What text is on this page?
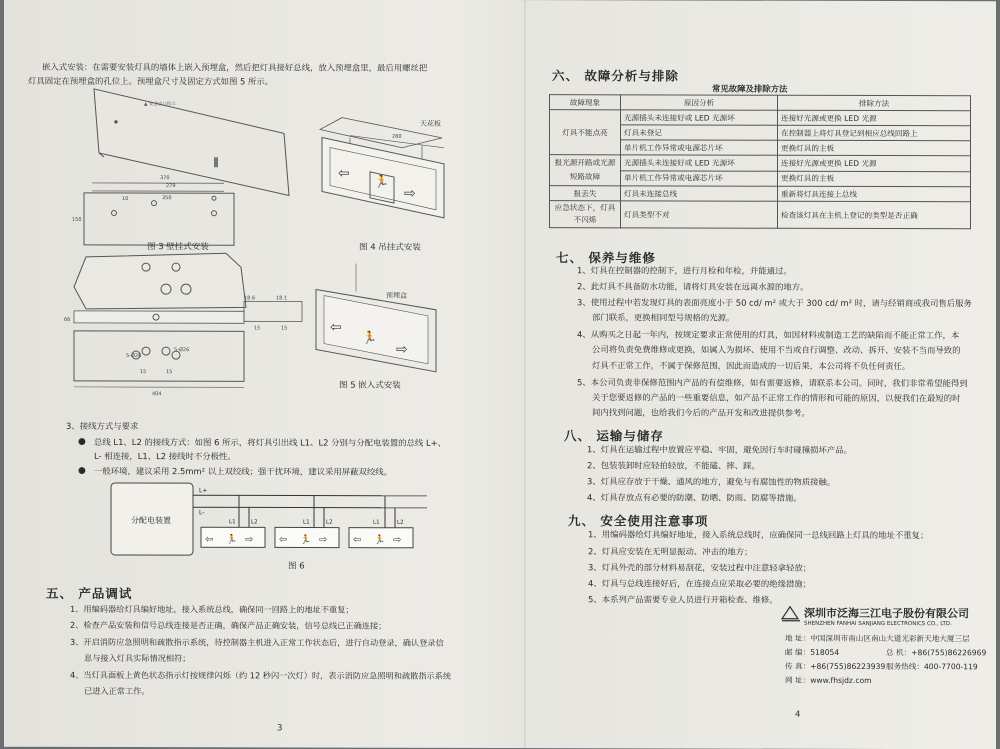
嵌入式安装：在需要安装灯具的墙体上嵌入预埋盒，然后把灯具接好总线，放入预埋盒里，最后用螺丝把
灯具固定在预埋盒的孔位上。预埋盒尺寸及固定方式如图 5 所示。
▲ 安全出口指示
●
370
279
350
150
10
图 3 壁挂式安装
天花板
280
⇦
🏃
⇨
图 4 吊挂式安装
66
5-Ø26
5-Ø26
15	15
404
18.6	18.1
15	15
预埋盒
⇦
🏃
⇨
图 5 嵌入式安装
3、接线方式与要求
● 总线 L1、L2 的接线方式：如图 6 所示，将灯具引出线 L1、L2 分别与分配电装置的总线 L+、
L- 相连接，L1、L2 接线时不分极性。
● 一般环境，建议采用 2.5mm² 以上双绞线；强干扰环境，建议采用屏蔽双绞线。
分配电装置
L+
L-
L1	L2
⇦ 🏃 ⇨
L1	L2
⇦ 🏃 ⇨
L1	L2
⇦ 🏃 ⇨
图 6
五、 产品调试
1、用编码器给灯具编好地址，接入系统总线，确保同一回路上的地址不重复；
2、检查产品安装和信号总线连接是否正确，确保产品正确安装，信号总线已正确连接；
3、开启消防应急照明和疏散指示系统，待控制器主机进入正常工作状态后，进行自动登录，确认登录信
息与接入灯具实际情况相符；
4、当灯具面板上黄色状态指示灯按规律闪烁（约 12 秒闪一次灯）时，表示消防应急照明和疏散指示系统
已进入正常工作。
3
六、 故障分析与排除
常见故障及排除方法
故障现象	原因分析	排除方法
灯具不能点亮	光源插头未连接好或 LED 光源坏	连接好光源或更换 LED 光源
	灯具未登记	在控制器上将灯具登记到相应总线回路上
	单片机工作异常或电源芯片坏	更换灯具的主板
报光源开路或光源短路故障	光源插头未连接好或 LED 光源坏	连接好光源或更换 LED 光源
	单片机工作异常或电源芯片坏	更换灯具的主板
报丢失	灯具未连接总线	重新将灯具连接上总线
应急状态下，灯具不闪烁	灯具类型不对	检查该灯具在主机上登记的类型是否正确
七、 保养与维修
1、灯具在控制器的控制下，进行月检和年检，并能通过。
2、此灯具不具备防水功能，请将灯具安装在远离水源的地方。
3、使用过程中若发现灯具的表面亮度小于 50 cd/ m² 或大于 300 cd/ m² 时，请与经销商或我司售后服务
部门联系，更换相同型号规格的光源。
4、从购买之日起一年内，按规定要求正常使用的灯具，如因材料或制造工艺的缺陷而不能正常工作，本
公司将负责免费维修或更换，如属人为损坏、使用不当或自行调整、改动、拆开、安装不当而导致的
灯具不正常工作，不属于保修范围，因此而造成的一切后果，本公司将不负任何责任。
5、本公司负责非保修范围内产品的有偿维修，如有需要返修，请联系本公司。同时，我们非常希望能得到
关于您要返修的产品的一些重要信息，如产品不正常工作的情形和可能的原因，以便我们在最短的时
间内找到问题，也给我们今后的产品开发和改进提供参考。
八、 运输与储存
1、灯具在运输过程中放置应平稳、牢固，避免因行车时碰撞损坏产品。
2、包装装卸时应轻拍轻放，不能磕、摔、踩。
3、灯具应存放于干燥、通风的地方，避免与有腐蚀性的物质接触。
4、灯具存放点有必要的防潮、防晒、防雨、防腐等措施。
九、 安全使用注意事项
1、用编码器给灯具编好地址，接入系统总线时，应确保同一总线回路上灯具的地址不重复；
2、灯具应安装在无明显振动、冲击的地方；
3、灯具外壳的部分材料易刮花，安装过程中注意轻拿轻放；
4、灯具与总线连接好后，在连接点应采取必要的绝缘措施；
5、本系列产品需要专业人员进行开箱检查、维修。
深圳市泛海三江电子股份有限公司
SHENZHEN FANHAI SANJIANG ELECTRONICS CO., LTD.
地 址：中国深圳市南山区南山大道光彩新天地大厦三层
邮 编：518054	总 机：+86(755)86226969
传 真：+86(755)86223939 服务热线：400-7700-119
网 址：www.fhsjdz.com
4
